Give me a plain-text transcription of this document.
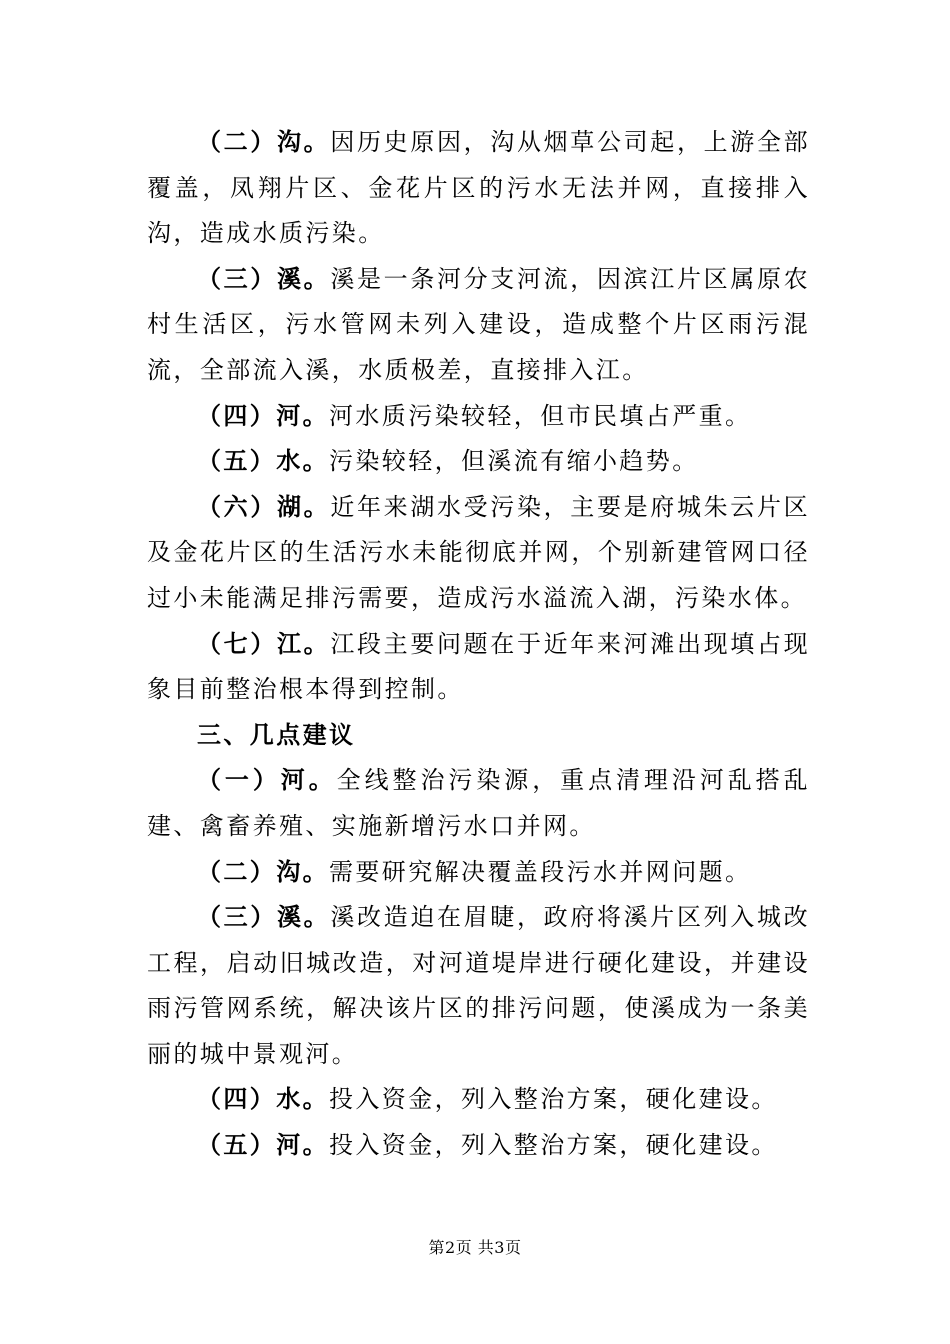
（二）沟。因历史原因，沟从烟草公司起，上游全部覆盖，凤翔片区、金花片区的污水无法并网，直接排入沟，造成水质污染。

（三）溪。溪是一条河分支河流，因滨江片区属原农村生活区，污水管网未列入建设，造成整个片区雨污混流，全部流入溪，水质极差，直接排入江。

（四）河。河水质污染较轻，但市民填占严重。

（五）水。污染较轻，但溪流有缩小趋势。

（六）湖。近年来湖水受污染，主要是府城朱云片区及金花片区的生活污水未能彻底并网，个别新建管网口径过小未能满足排污需要，造成污水溢流入湖，污染水体。

（七）江。江段主要问题在于近年来河滩出现填占现象目前整治根本得到控制。

三、几点建议

（一）河。全线整治污染源，重点清理沿河乱搭乱建、禽畜养殖、实施新增污水口并网。

（二）沟。需要研究解决覆盖段污水并网问题。

（三）溪。溪改造迫在眉睫，政府将溪片区列入城改工程，启动旧城改造，对河道堤岸进行硬化建设，并建设雨污管网系统，解决该片区的排污问题，使溪成为一条美丽的城中景观河。

（四）水。投入资金，列入整治方案，硬化建设。

（五）河。投入资金，列入整治方案，硬化建设。

第2页 共3页
